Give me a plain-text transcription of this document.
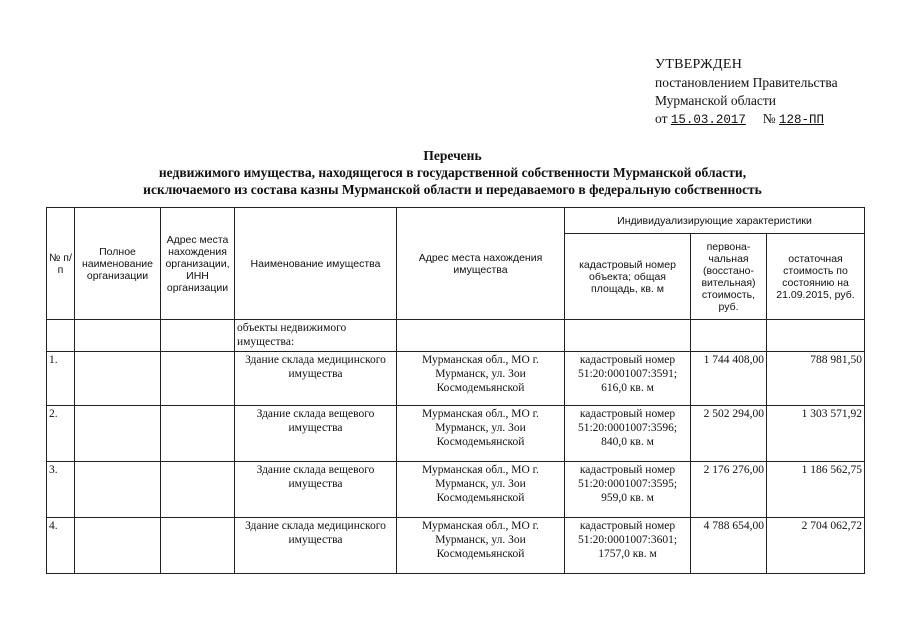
УТВЕРЖДЕН
постановлением Правительства
Мурманской области
от 15.03.2017 № 128-ПП
Перечень
недвижимого имущества, находящегося в государственной собственности Мурманской области,
исключаемого из состава казны Мурманской области и передаваемого в федеральную собственность
№ п/п	Полное наименование организации	Адрес места нахождения организации, ИНН организации	Наименование имущества	Адрес места нахождения имущества	Индивидуализирующие характеристики		
					кадастровый номер объекта; общая площадь, кв. м	первона-чальная (восстано-вительная) стоимость, руб.	остаточная стоимость по состоянию на 21.09.2015, руб.
			объекты недвижимого имущества:				
1.			Здание склада медицинского имущества	Мурманская обл., МО г. Мурманск, ул. Зои Космодемьянской	кадастровый номер 51:20:0001007:3591; 616,0 кв. м	1 744 408,00	788 981,50
2.			Здание склада вещевого имущества	Мурманская обл., МО г. Мурманск, ул. Зои Космодемьянской	кадастровый номер 51:20:0001007:3596; 840,0 кв. м	2 502 294,00	1 303 571,92
3.			Здание склада вещевого имущества	Мурманская обл., МО г. Мурманск, ул. Зои Космодемьянской	кадастровый номер 51:20:0001007:3595; 959,0 кв. м	2 176 276,00	1 186 562,75
4.			Здание склада медицинского имущества	Мурманская обл., МО г. Мурманск, ул. Зои Космодемьянской	кадастровый номер 51:20:0001007:3601; 1757,0 кв. м	4 788 654,00	2 704 062,72
